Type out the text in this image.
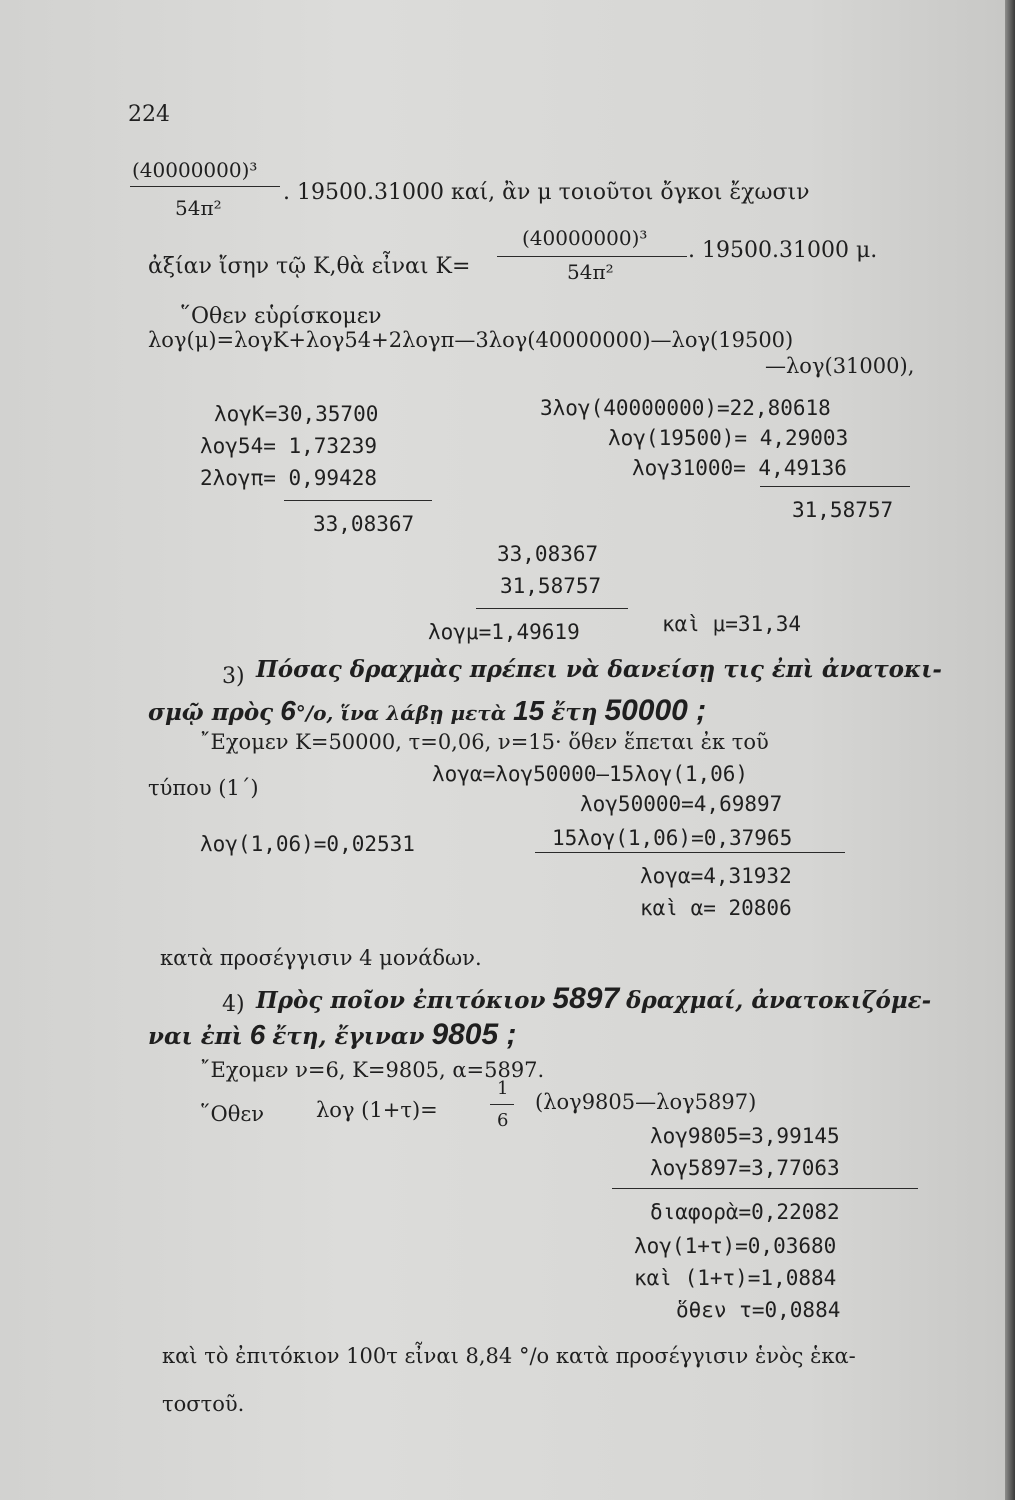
224
(40000000)³
54π²
. 19500.31000 καί, ἂν μ τοιοῦτοι ὄγκοι ἔχωσιν
ἀξίαν ἴσην τῷ Κ,θὰ εἶναι Κ=
(40000000)³
54π²
. 19500.31000 μ.
῞Οθεν εὑρίσκομεν
λογ(μ)=λογΚ+λογ54+2λογπ—3λογ(40000000)—λογ(19500)
—λογ(31000),
λογΚ=30,35700
λογ54= 1,73239
2λογπ= 0,99428
33,08367
3λογ(40000000)=22,80618
λογ(19500)= 4,29003
λογ31000= 4,49136
31,58757
33,08367
31,58757
λογμ=1,49619	καὶ μ=31,34
3) Πόσας δραχμὰς πρέπει νὰ δανείσῃ τις ἐπὶ ἀνατοκι-
σμῷ πρὸς 6°/ο, ἵνα λάβῃ μετὰ 15 ἔτη 50000 ;
῎Εχομεν Κ=50000, τ=0,06, ν=15· ὅθεν ἕπεται ἐκ τοῦ
τύπου (1΄)
λογα=λογ50000—15λογ(1,06)
λογ50000=4,69897
λογ(1,06)=0,02531	15λογ(1,06)=0,37965
λογα=4,31932
καὶ α= 20806
κατὰ προσέγγισιν 4 μονάδων.
4) Πρὸς ποῖον ἐπιτόκιον 5897 δραχμαί, ἀνατοκιζόμε-
ναι ἐπὶ 6 ἔτη, ἔγιναν 9805 ;
῎Εχομεν ν=6, Κ=9805, α=5897.
῞Οθεν λογ (1+τ)=
1
6
(λογ9805—λογ5897)
λογ9805=3,99145
λογ5897=3,77063
διαφορὰ=0,22082
λογ(1+τ)=0,03680
καὶ (1+τ)=1,0884
ὅθεν τ=0,0884
καὶ τὸ ἐπιτόκιον 100τ εἶναι 8,84 °/ο κατὰ προσέγγισιν ἑνὸς ἑκα-
τοστοῦ.
